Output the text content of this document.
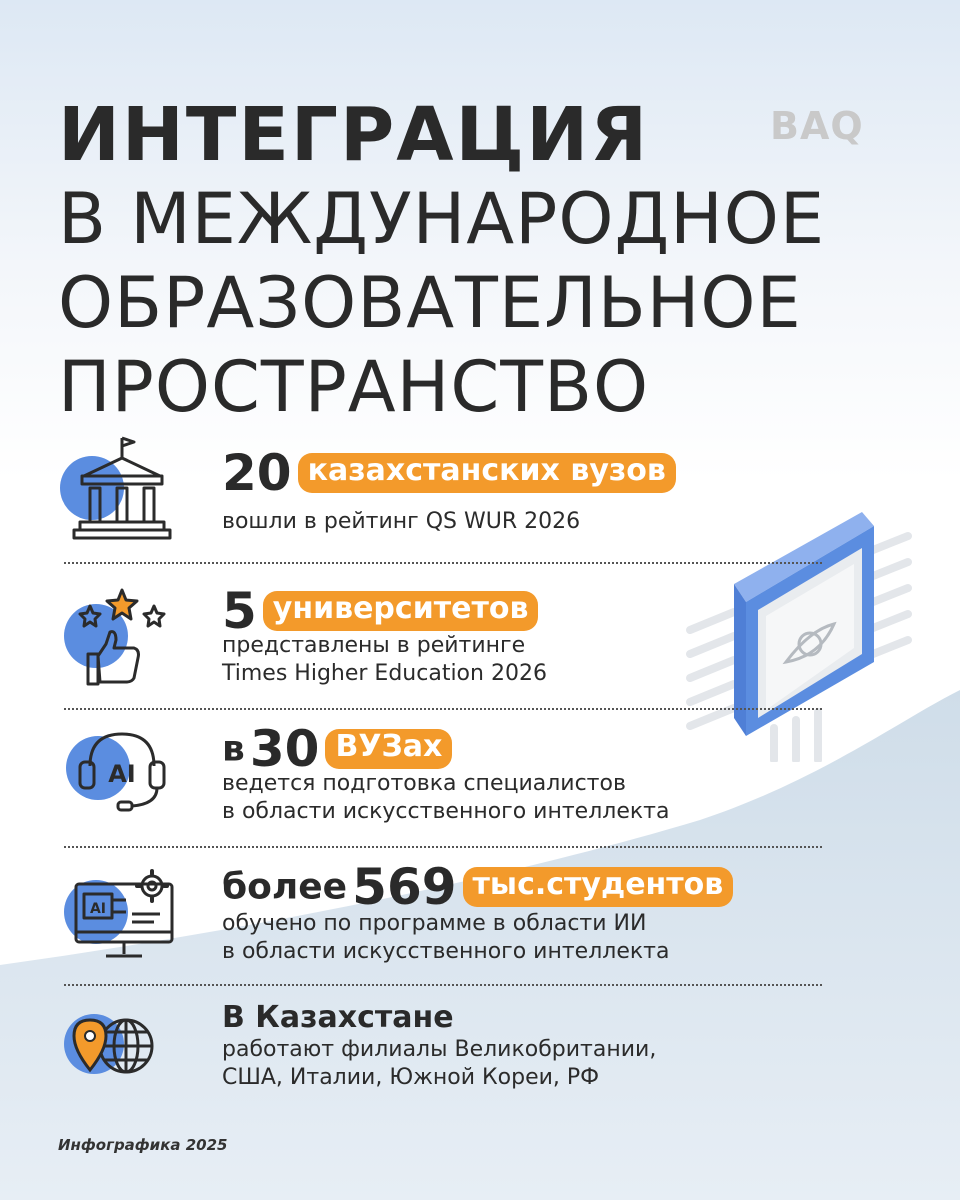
ИНТЕГРАЦИЯ
В МЕЖДУНАРОДНОЕ
ОБРАЗОВАТЕЛЬНОЕ
ПРОСТРАНСТВО
BAQ
20 казахстанских вузов
вошли в рейтинг QS WUR 2026
5 университетов
представлены в рейтинге
Times Higher Education 2026
AI
в 30 ВУЗах
ведется подготовка специалистов
в области искусственного интеллекта
AI
более 569 тыс.студентов
обучено по программе в области ИИ
в области искусственного интеллекта
В Казахстане
работают филиалы Великобритании,
США, Италии, Южной Кореи, РФ
Инфографика 2025
